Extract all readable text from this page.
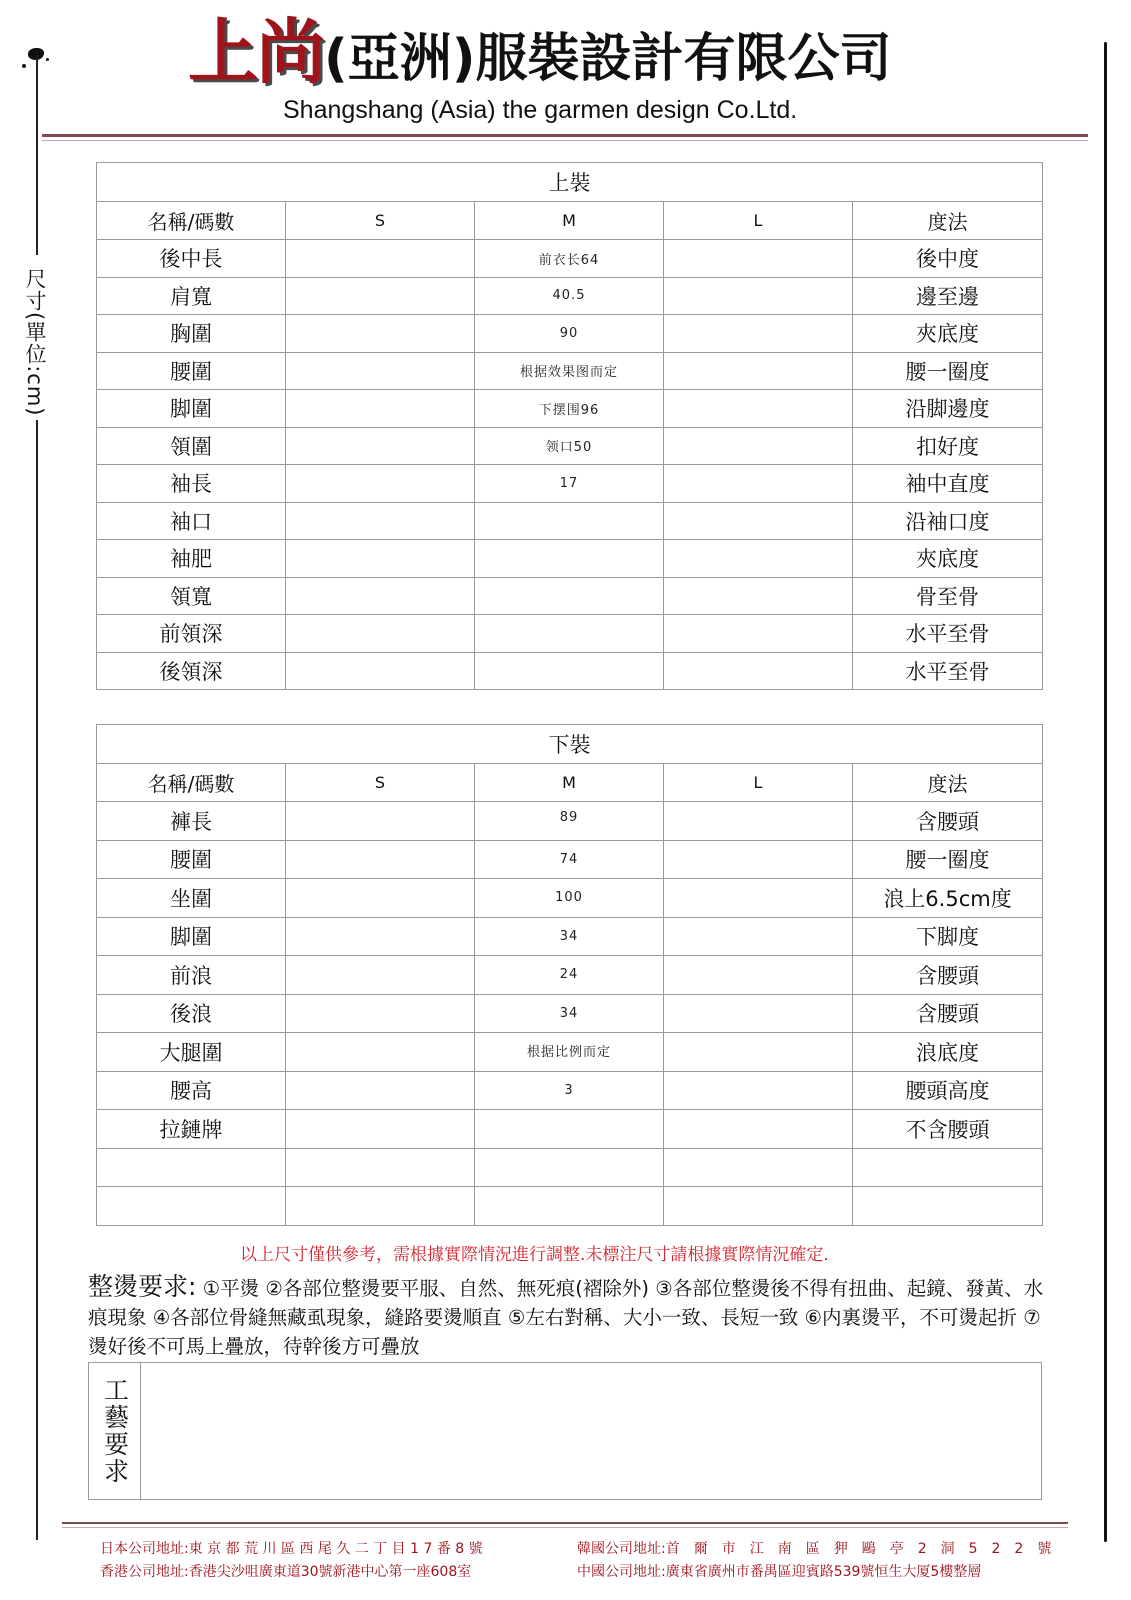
尺寸(單位:cm)
上尚(亞洲)服裝設計有限公司
Shangshang (Asia) the garmen design Co.Ltd.
上裝				
名稱/碼數	S	M	L	度法
後中長		前衣长64		後中度
肩寬		40.5		邊至邊
胸圍		90		夾底度
腰圍		根据效果图而定		腰一圈度
脚圍		下摆围96		沿脚邊度
領圍		领口50		扣好度
袖長		17		袖中直度
袖口				沿袖口度
袖肥				夾底度
領寬				骨至骨
前領深				水平至骨
後領深				水平至骨
下裝				
名稱/碼數	S	M	L	度法
褲長		89		含腰頭
腰圍		74		腰一圈度
坐圍		100		浪上6.5cm度
脚圍		34		下脚度
前浪		24		含腰頭
後浪		34		含腰頭
大腿圍		根据比例而定		浪底度
腰高		3		腰頭高度
拉鏈牌				不含腰頭

以上尺寸僅供參考，需根據實際情況進行調整.未標注尺寸請根據實際情況確定.
整燙要求: ①平燙 ②各部位整燙要平服、自然、無死痕(褶除外) ③各部位整燙後不得有扭曲、起鏡、發黃、水痕現象 ④各部位骨縫無藏虱現象，縫路要燙順直 ⑤左右對稱、大小一致、長短一致 ⑥内裏燙平，不可燙起折 ⑦燙好後不可馬上疊放，待幹後方可疊放
工藝要求
日本公司地址:東 京 都 荒 川 區 西 尾 久 二 丁 目 1 7 番 8 號	韓國公司地址:首　爾　市　江　南　區　狎　鷗　亭　2　洞　5　2　2　號
香港公司地址:香港尖沙咀廣東道30號新港中心第一座608室	中國公司地址:廣東省廣州市番禺區迎賓路539號恒生大厦5樓整層
